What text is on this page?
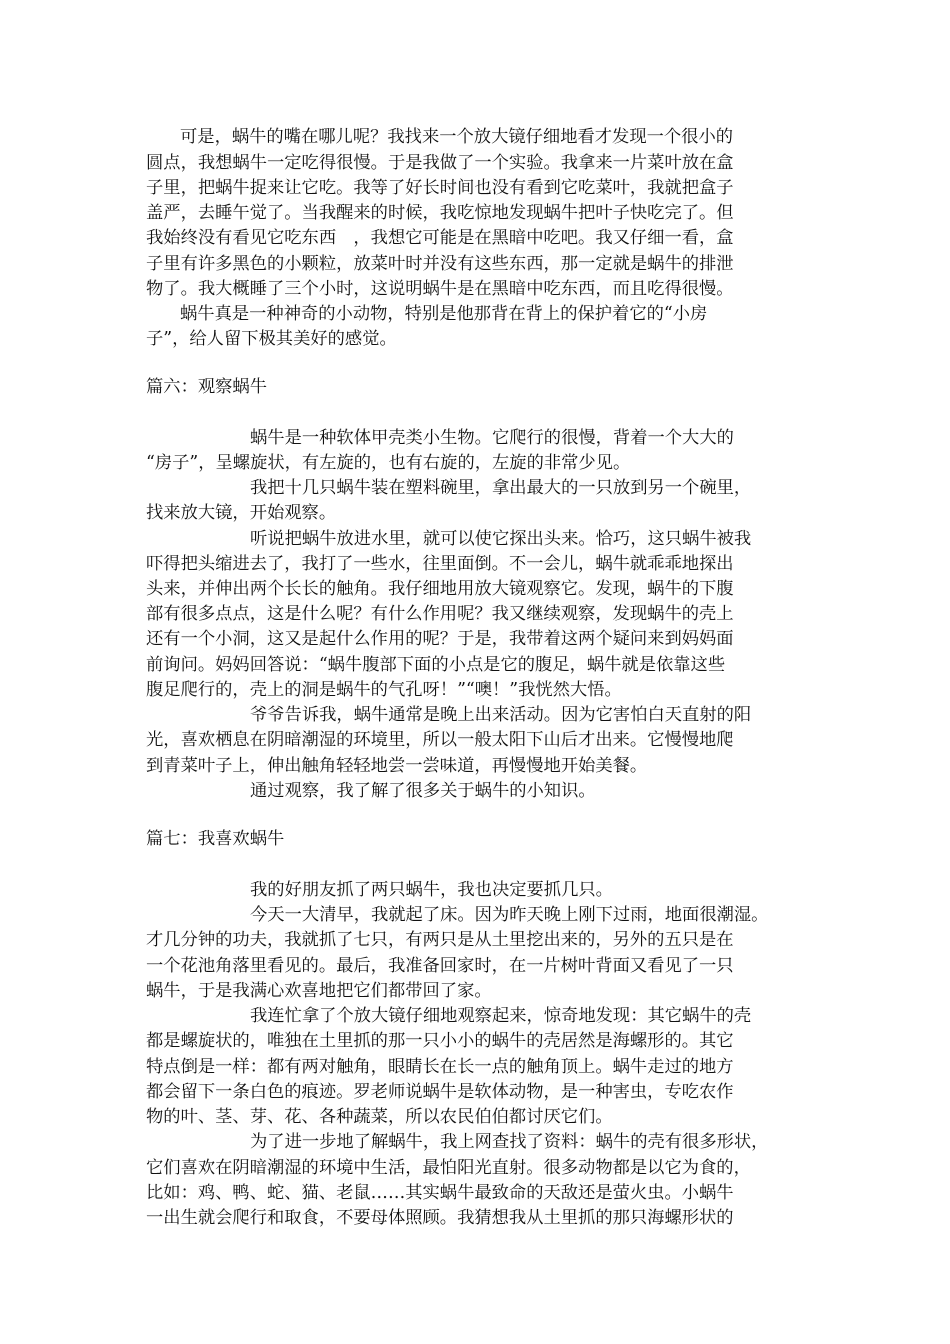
可是，蜗牛的嘴在哪儿呢？我找来一个放大镜仔细地看才发现一个很小的
圆点，我想蜗牛一定吃得很慢。于是我做了一个实验。我拿来一片菜叶放在盒
子里，把蜗牛捉来让它吃。我等了好长时间也没有看到它吃菜叶，我就把盒子
盖严，去睡午觉了。当我醒来的时候，我吃惊地发现蜗牛把叶子快吃完了。但
我始终没有看见它吃东西　，我想它可能是在黑暗中吃吧。我又仔细一看，盒
子里有许多黑色的小颗粒，放菜叶时并没有这些东西，那一定就是蜗牛的排泄
物了。我大概睡了三个小时，这说明蜗牛是在黑暗中吃东西，而且吃得很慢。
蜗牛真是一种神奇的小动物，特别是他那背在背上的保护着它的“小房
子”，给人留下极其美好的感觉。
篇六：观察蜗牛
蜗牛是一种软体甲壳类小生物。它爬行的很慢，背着一个大大的
“房子”，呈螺旋状，有左旋的，也有右旋的，左旋的非常少见。
我把十几只蜗牛装在塑料碗里，拿出最大的一只放到另一个碗里，
找来放大镜，开始观察。
听说把蜗牛放进水里，就可以使它探出头来。恰巧，这只蜗牛被我
吓得把头缩进去了，我打了一些水，往里面倒。不一会儿，蜗牛就乖乖地探出
头来，并伸出两个长长的触角。我仔细地用放大镜观察它。发现，蜗牛的下腹
部有很多点点，这是什么呢？有什么作用呢？我又继续观察，发现蜗牛的壳上
还有一个小洞，这又是起什么作用的呢？于是，我带着这两个疑问来到妈妈面
前询问。妈妈回答说：“蜗牛腹部下面的小点是它的腹足，蜗牛就是依靠这些
腹足爬行的，壳上的洞是蜗牛的气孔呀！”“噢！”我恍然大悟。
爷爷告诉我，蜗牛通常是晚上出来活动。因为它害怕白天直射的阳
光，喜欢栖息在阴暗潮湿的环境里，所以一般太阳下山后才出来。它慢慢地爬
到青菜叶子上，伸出触角轻轻地尝一尝味道，再慢慢地开始美餐。
通过观察，我了解了很多关于蜗牛的小知识。
篇七：我喜欢蜗牛
我的好朋友抓了两只蜗牛，我也决定要抓几只。
今天一大清早，我就起了床。因为昨天晚上刚下过雨，地面很潮湿。
才几分钟的功夫，我就抓了七只，有两只是从土里挖出来的，另外的五只是在
一个花池角落里看见的。最后，我准备回家时，在一片树叶背面又看见了一只
蜗牛，于是我满心欢喜地把它们都带回了家。
我连忙拿了个放大镜仔细地观察起来，惊奇地发现：其它蜗牛的壳
都是螺旋状的，唯独在土里抓的那一只小小的蜗牛的壳居然是海螺形的。其它
特点倒是一样：都有两对触角，眼睛长在长一点的触角顶上。蜗牛走过的地方
都会留下一条白色的痕迹。罗老师说蜗牛是软体动物，是一种害虫，专吃农作
物的叶、茎、芽、花、各种蔬菜，所以农民伯伯都讨厌它们。
为了进一步地了解蜗牛，我上网查找了资料：蜗牛的壳有很多形状，
它们喜欢在阴暗潮湿的环境中生活，最怕阳光直射。很多动物都是以它为食的，
比如：鸡、鸭、蛇、猫、老鼠……其实蜗牛最致命的天敌还是萤火虫。小蜗牛
一出生就会爬行和取食，不要母体照顾。我猜想我从土里抓的那只海螺形状的
